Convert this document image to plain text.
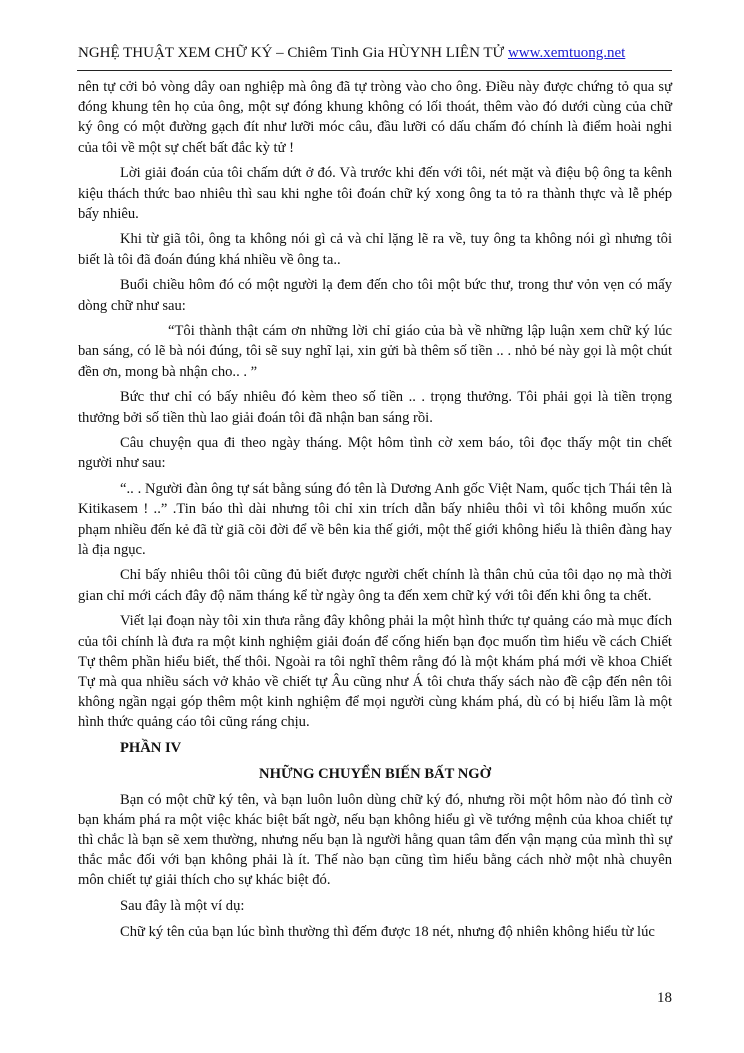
NGHỆ THUẬT XEM CHỮ KÝ – Chiêm Tinh Gia HÙYNH LIÊN TỬ www.xemtuong.net

nên tự cởi bỏ vòng dây oan nghiệp mà ông đã tự tròng vào cho ông. Điều này được chứng tỏ qua sự đóng khung tên họ của ông, một sự đóng khung không có lối thoát, thêm vào đó dưới cùng của chữ ký ông có một đường gạch đít như lưỡi móc câu, đầu lưỡi có dấu chấm đó chính là điểm hoài nghi của tôi về một sự chết bất đắc kỳ tử !

Lời giải đoán của tôi chấm dứt ở đó. Và trước khi đến với tôi, nét mặt và điệu bộ ông ta kênh kiệu thách thức bao nhiêu thì sau khi nghe tôi đoán chữ ký xong ông ta tỏ ra thành thực và lễ phép bấy nhiêu.

Khi từ giã tôi, ông ta không nói gì cả và chỉ lặng lẽ ra về, tuy ông ta không nói gì nhưng tôi biết là tôi đã đoán đúng khá nhiều về ông ta..

Buổi chiều hôm đó có một người lạ đem đến cho tôi một bức thư, trong thư vỏn vẹn có mấy dòng chữ như sau:

“Tôi thành thật cám ơn những lời chỉ giáo của bà về những lập luận xem chữ ký lúc ban sáng, có lẽ bà nói đúng, tôi sẽ suy nghĩ lại, xin gửi bà thêm số tiền .. . nhỏ bé này gọi là một chút đền ơn, mong bà nhận cho.. . ”

Bức thư chỉ có bấy nhiêu đó kèm theo số tiền .. . trọng thưởng. Tôi phải gọi là tiền trọng thưởng bởi số tiền thù lao giải đoán tôi đã nhận ban sáng rồi.

Câu chuyện qua đi theo ngày tháng. Một hôm tình cờ xem báo, tôi đọc thấy một tin chết người như sau:

“.. . Người đàn ông tự sát bằng súng đó tên là Dương Anh gốc Việt Nam, quốc tịch Thái tên là Kitikasem ! ..” .Tin báo thì dài nhưng tôi chỉ xin trích dẫn bấy nhiêu thôi vì tôi không muốn xúc phạm nhiều đến kẻ đã từ giã cõi đời để về bên kia thế giới, một thế giới không hiểu là thiên đàng hay là địa ngục.

Chỉ bấy nhiêu thôi tôi cũng đủ biết được người chết chính là thân chủ của tôi dạo nọ mà thời gian chỉ mới cách đây độ năm tháng kể từ ngày ông ta đến xem chữ ký với tôi đến khi ông ta chết.

Viết lại đoạn này tôi xin thưa rằng đây không phải la một hình thức tự quảng cáo mà mục đích của tôi chính là đưa ra một kinh nghiệm giải đoán để cống hiến bạn đọc muốn tìm hiểu về cách Chiết Tự thêm phần hiểu biết, thế thôi. Ngoài ra tôi nghĩ thêm rằng đó là một khám phá mới về khoa Chiết Tự mà qua nhiều sách vở khảo về chiết tự Âu cũng như Á tôi chưa thấy sách nào đề cập đến nên tôi không ngần ngại góp thêm một kinh nghiệm để mọi người cùng khám phá, dù có bị hiểu lầm là một hình thức quảng cáo tôi cũng ráng chịu.

PHẦN IV

NHỮNG CHUYỂN BIẾN BẤT NGỜ

Bạn có một chữ ký tên, và bạn luôn luôn dùng chữ ký đó, nhưng rồi một hôm nào đó tình cờ bạn khám phá ra một việc khác biệt bất ngờ, nếu bạn không hiểu gì về tướng mệnh của khoa chiết tự thì chắc là bạn sẽ xem thường, nhưng nếu bạn là người hằng quan tâm đến vận mạng của mình thì sự thắc mắc đối với bạn không phải là ít. Thế nào bạn cũng tìm hiểu bằng cách nhờ một nhà chuyên môn chiết tự giải thích cho sự khác biệt đó.

Sau đây là một ví dụ:

Chữ ký tên của bạn lúc bình thường thì đếm được 18 nét, nhưng độ nhiên không hiểu từ lúc

18
